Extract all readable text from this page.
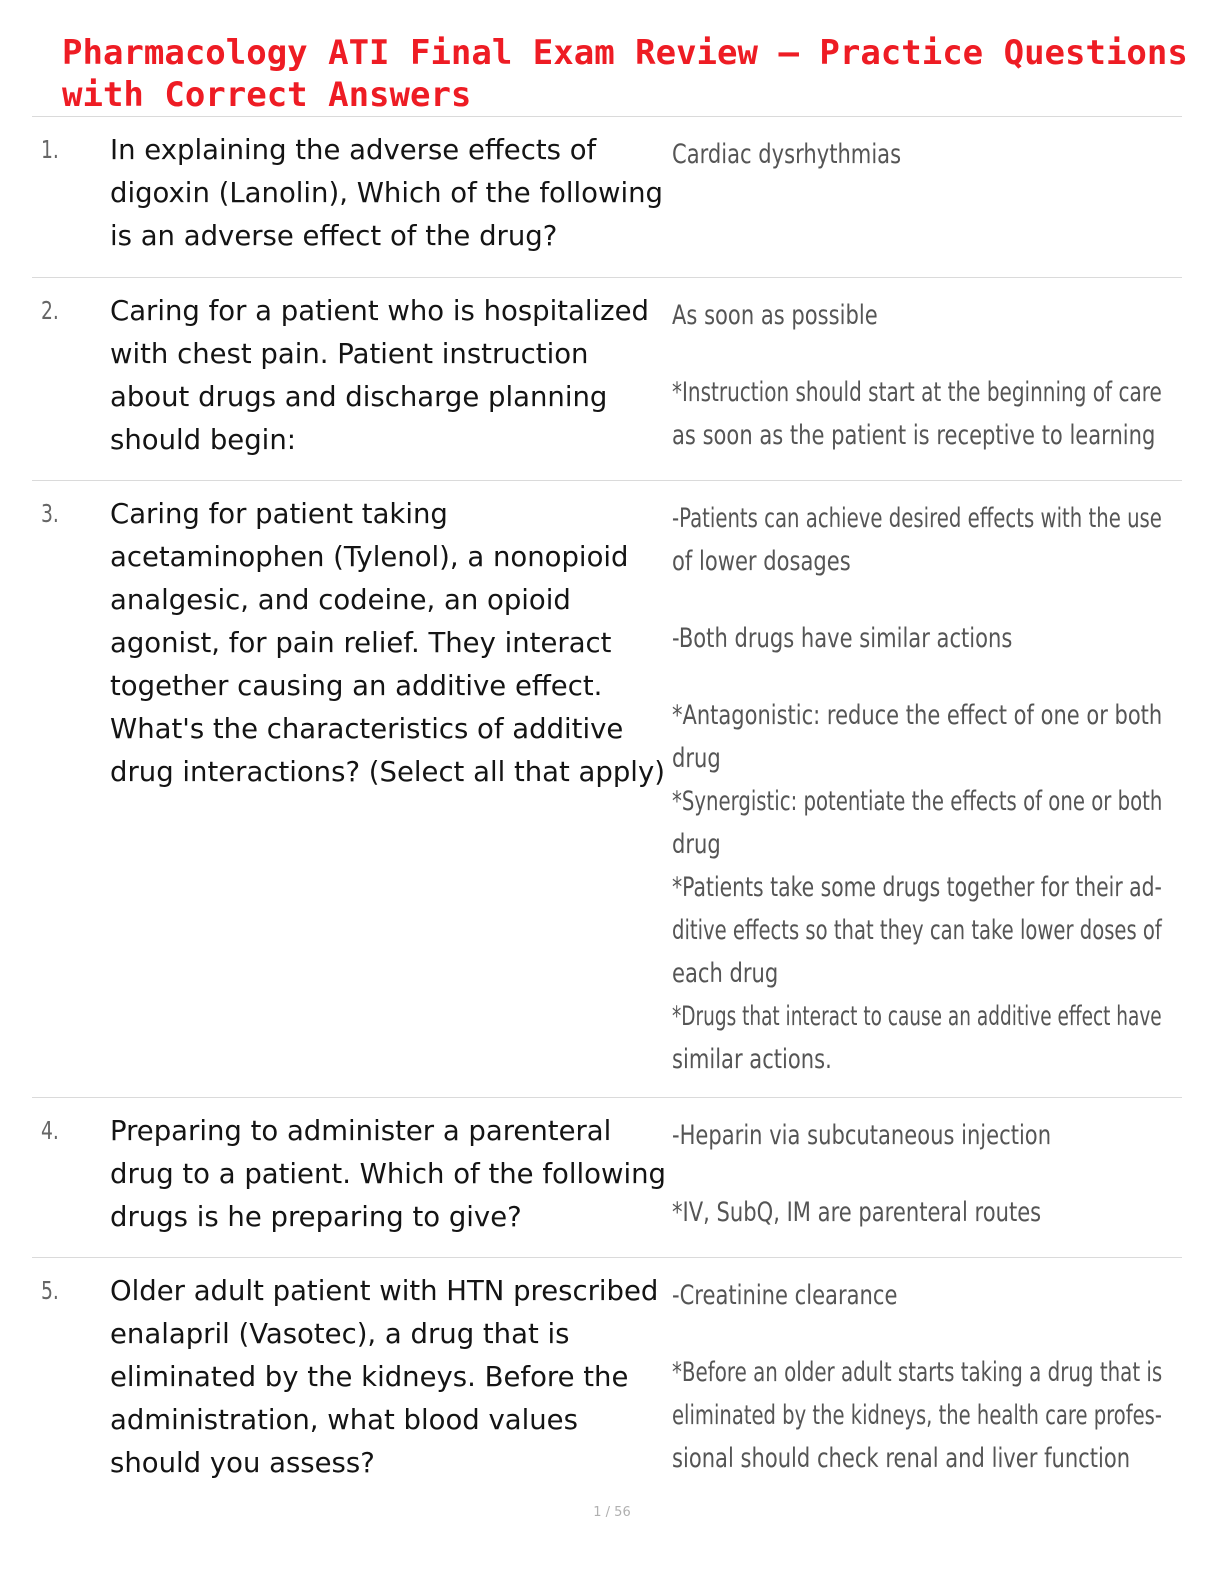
Pharmacology ATI Final Exam Review – Practice Questions
with Correct Answers
1. In explaining the adverse effects of digoxin (Lanolin), Which of the following is an adverse effect of the drug?
Cardiac dysrhythmias
2. Caring for a patient who is hospitalized with chest pain. Patient instruction about drugs and discharge planning should begin:
As soon as possible
*Instruction should start at the beginning of care
as soon as the patient is receptive to learning
3. Caring for patient taking acetaminophen (Tylenol), a nonopioid analgesic, and codeine, an opioid agonist, for pain relief. They interact together causing an additive effect. What's the characteristics of additive drug interactions? (Select all that apply)
-Patients can achieve desired effects with the use
of lower dosages
-Both drugs have similar actions
*Antagonistic: reduce the effect of one or both
drug
*Synergistic: potentiate the effects of one or both
drug
*Patients take some drugs together for their ad-
ditive effects so that they can take lower doses of
each drug
*Drugs that interact to cause an additive effect have
similar actions.
4. Preparing to administer a parenteral drug to a patient. Which of the following drugs is he preparing to give?
-Heparin via subcutaneous injection
*IV, SubQ, IM are parenteral routes
5. Older adult patient with HTN prescribed enalapril (Vasotec), a drug that is eliminated by the kidneys. Before the administration, what blood values should you assess?
-Creatinine clearance
*Before an older adult starts taking a drug that is
eliminated by the kidneys, the health care profes-
sional should check renal and liver function
1 / 56
